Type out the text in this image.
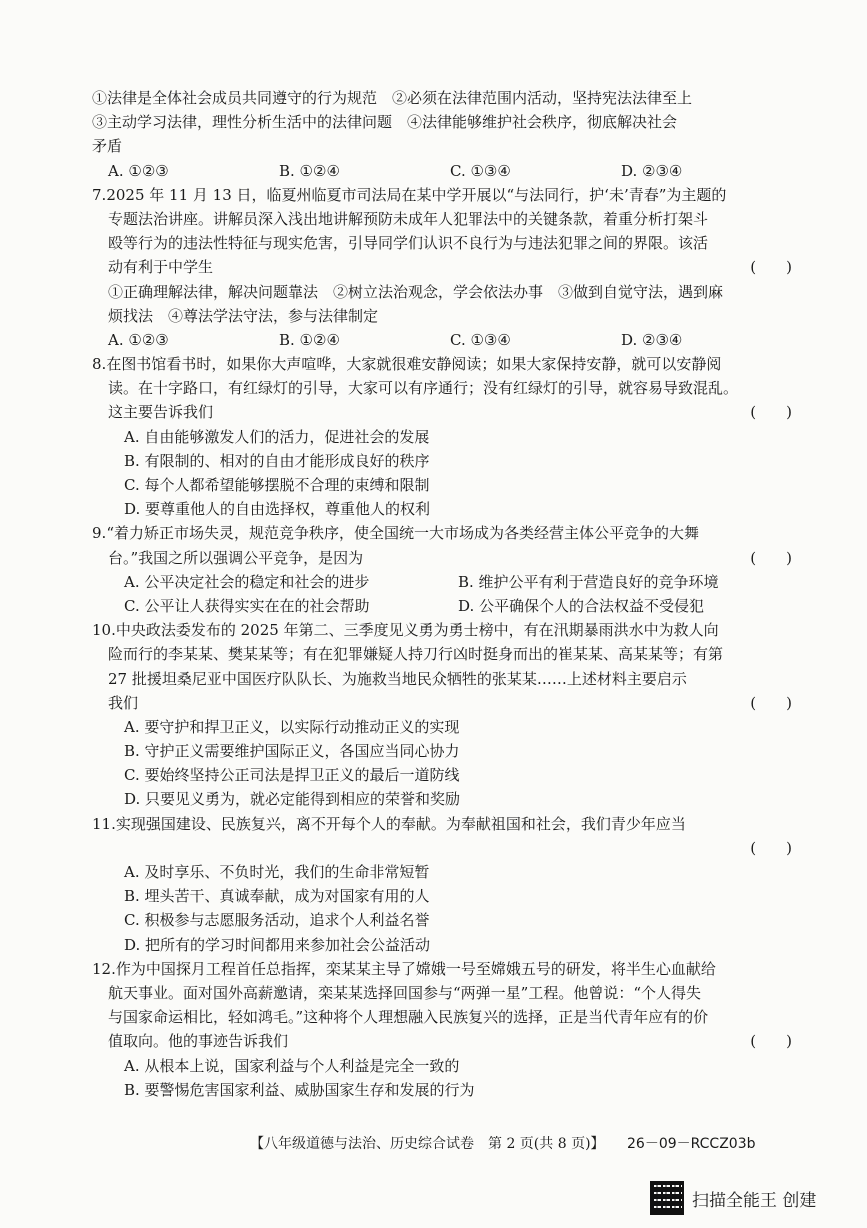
①法律是全体社会成员共同遵守的行为规范　②必须在法律范围内活动，坚持宪法法律至上
③主动学习法律，理性分析生活中的法律问题　④法律能够维护社会秩序，彻底解决社会
矛盾
A. ①②③	B. ①②④	C. ①③④	D. ②③④
7.2025 年 11 月 13 日，临夏州临夏市司法局在某中学开展以“与法同行，护‘未’青春”为主题的
专题法治讲座。讲解员深入浅出地讲解预防未成年人犯罪法中的关键条款，着重分析打架斗
殴等行为的违法性特征与现实危害，引导同学们认识不良行为与违法犯罪之间的界限。该活
动有利于中学生	(　　)
①正确理解法律，解决问题靠法　②树立法治观念，学会依法办事　③做到自觉守法，遇到麻
烦找法　④尊法学法守法，参与法律制定
A. ①②③	B. ①②④	C. ①③④	D. ②③④
8.在图书馆看书时，如果你大声喧哗，大家就很难安静阅读；如果大家保持安静，就可以安静阅
读。在十字路口，有红绿灯的引导，大家可以有序通行；没有红绿灯的引导，就容易导致混乱。
这主要告诉我们	(　　)
A. 自由能够激发人们的活力，促进社会的发展
B. 有限制的、相对的自由才能形成良好的秩序
C. 每个人都希望能够摆脱不合理的束缚和限制
D. 要尊重他人的自由选择权，尊重他人的权利
9.“着力矫正市场失灵，规范竞争秩序，使全国统一大市场成为各类经营主体公平竞争的大舞
台。”我国之所以强调公平竞争，是因为	(　　)
A. 公平决定社会的稳定和社会的进步	B. 维护公平有利于营造良好的竞争环境
C. 公平让人获得实实在在的社会帮助	D. 公平确保个人的合法权益不受侵犯
10.中央政法委发布的 2025 年第二、三季度见义勇为勇士榜中，有在汛期暴雨洪水中为救人向
险而行的李某某、樊某某等；有在犯罪嫌疑人持刀行凶时挺身而出的崔某某、高某某等；有第
27 批援坦桑尼亚中国医疗队队长、为施救当地民众牺牲的张某某……上述材料主要启示
我们	(　　)
A. 要守护和捍卫正义，以实际行动推动正义的实现
B. 守护正义需要维护国际正义，各国应当同心协力
C. 要始终坚持公正司法是捍卫正义的最后一道防线
D. 只要见义勇为，就必定能得到相应的荣誉和奖励
11.实现强国建设、民族复兴，离不开每个人的奉献。为奉献祖国和社会，我们青少年应当
(　　)
A. 及时享乐、不负时光，我们的生命非常短暂
B. 埋头苦干、真诚奉献，成为对国家有用的人
C. 积极参与志愿服务活动，追求个人利益名誉
D. 把所有的学习时间都用来参加社会公益活动
12.作为中国探月工程首任总指挥，栾某某主导了嫦娥一号至嫦娥五号的研发，将半生心血献给
航天事业。面对国外高薪邀请，栾某某选择回国参与“两弹一星”工程。他曾说：“个人得失
与国家命运相比，轻如鸿毛。”这种将个人理想融入民族复兴的选择，正是当代青年应有的价
值取向。他的事迹告诉我们	(　　)
A. 从根本上说，国家利益与个人利益是完全一致的
B. 要警惕危害国家利益、威胁国家生存和发展的行为
【八年级道德与法治、历史综合试卷　第 2 页(共 8 页)】 26－09－RCCZ03b
扫描全能王 创建
